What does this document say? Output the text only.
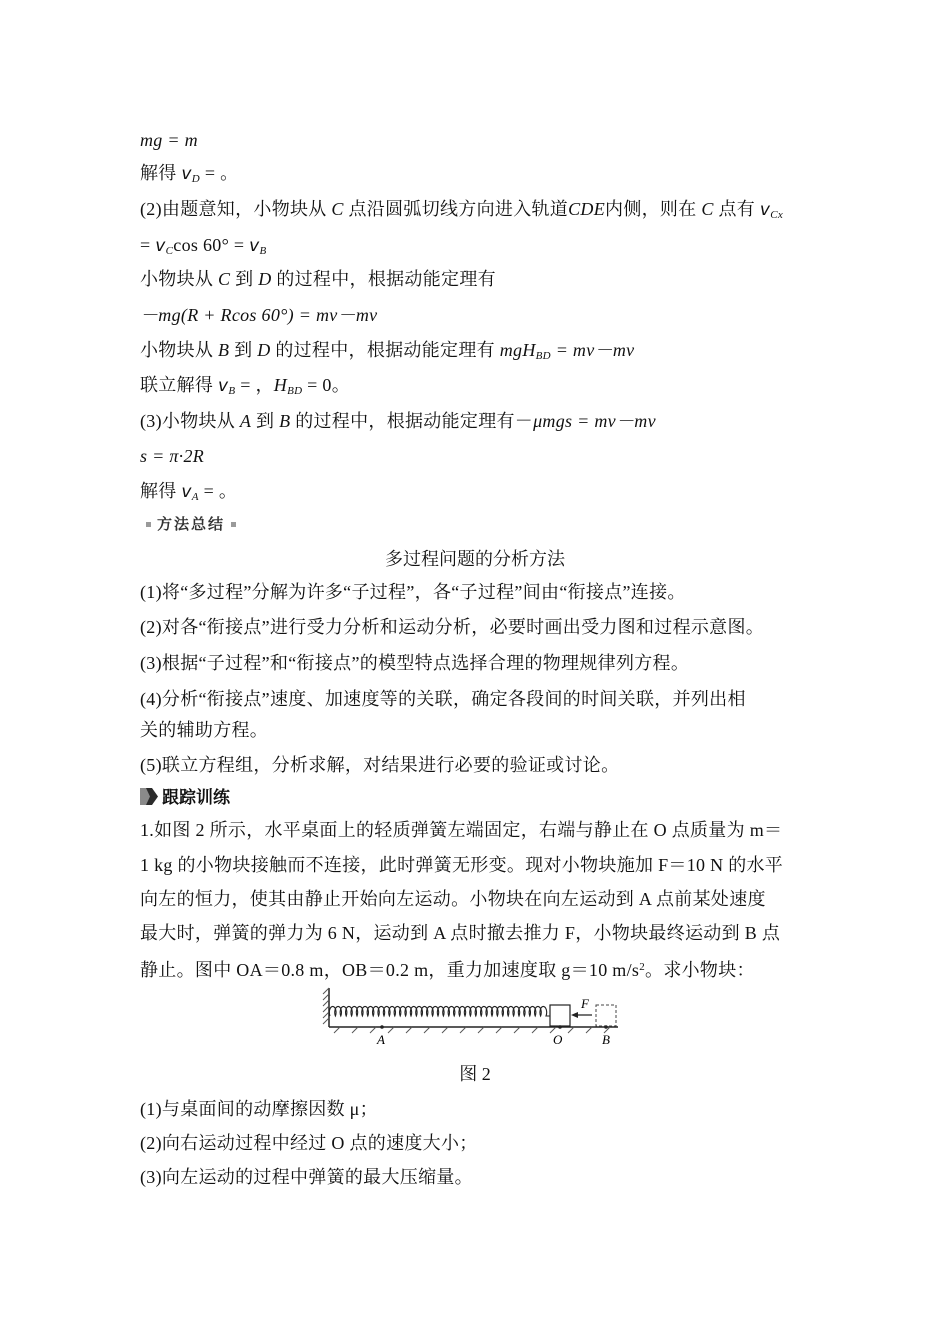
mg = m
解得 $v_D$ = 。
(2)由题意知，小物块从 C 点沿圆弧切线方向进入轨道CDE内侧，则在 C 点有 $v_{Cx}$
= $v_C\cos$ $60^\circ = v_B$
小物块从 C 到 D 的过程中，根据动能定理有
－mg(R + Rcos 60°) = mv－mv
小物块从 B 到 D 的过程中，根据动能定理有 mgH$_{BD}$ = mv－mv
联立解得 $v_B$ = ，$H_{BD} = 0$。
(3)小物块从 A 到 B 的过程中，根据动能定理有－μmgs = mv－mv
s = π·2R
解得 $v_A$ = 。
方法总结
多过程问题的分析方法
(1)将“多过程”分解为许多“子过程”，各“子过程”间由“衔接点”连接。
(2)对各“衔接点”进行受力分析和运动分析，必要时画出受力图和过程示意图。
(3)根据“子过程”和“衔接点”的模型特点选择合理的物理规律列方程。
(4)分析“衔接点”速度、加速度等的关联，确定各段间的时间关联，并列出相
关的辅助方程。
(5)联立方程组，分析求解，对结果进行必要的验证或讨论。
跟踪训练
1.如图 2 所示，水平桌面上的轻质弹簧左端固定，右端与静止在 O 点质量为 m＝
1 kg 的小物块接触而不连接，此时弹簧无形变。现对小物块施加 F＝10 N 的水平
向左的恒力，使其由静止开始向左运动。小物块在向左运动到 A 点前某处速度
最大时，弹簧的弹力为 6 N，运动到 A 点时撤去推力 F，小物块最终运动到 B 点
静止。图中 OA＝0.8 m，OB＝0.2 m，重力加速度取 g＝10 $m/s^2$。求小物块：
F
A	O	B
图 2
(1)与桌面间的动摩擦因数 μ；
(2)向右运动过程中经过 O 点的速度大小；
(3)向左运动的过程中弹簧的最大压缩量。
